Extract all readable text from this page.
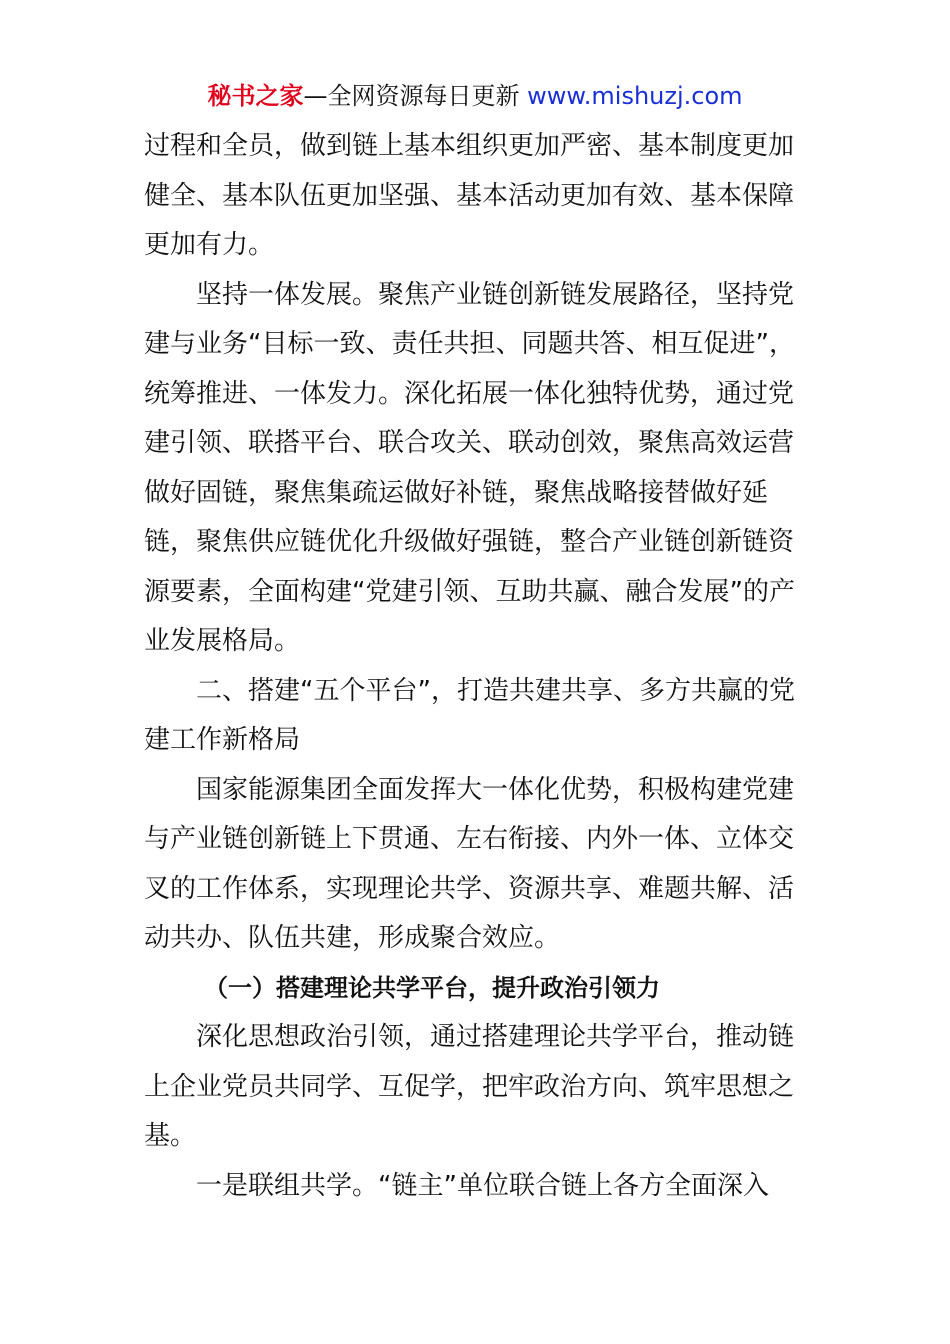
秘书之家—全网资源每日更新 www.mishuzj.com

过程和全员，做到链上基本组织更加严密、基本制度更加健全、基本队伍更加坚强、基本活动更加有效、基本保障更加有力。

坚持一体发展。聚焦产业链创新链发展路径，坚持党建与业务“目标一致、责任共担、同题共答、相互促进”，统筹推进、一体发力。深化拓展一体化独特优势，通过党建引领、联搭平台、联合攻关、联动创效，聚焦高效运营做好固链，聚焦集疏运做好补链，聚焦战略接替做好延链，聚焦供应链优化升级做好强链，整合产业链创新链资源要素，全面构建“党建引领、互助共赢、融合发展”的产业发展格局。

二、搭建“五个平台”，打造共建共享、多方共赢的党建工作新格局

国家能源集团全面发挥大一体化优势，积极构建党建与产业链创新链上下贯通、左右衔接、内外一体、立体交叉的工作体系，实现理论共学、资源共享、难题共解、活动共办、队伍共建，形成聚合效应。

（一）搭建理论共学平台，提升政治引领力

深化思想政治引领，通过搭建理论共学平台，推动链上企业党员共同学、互促学，把牢政治方向、筑牢思想之基。

一是联组共学。“链主”单位联合链上各方全面深入
